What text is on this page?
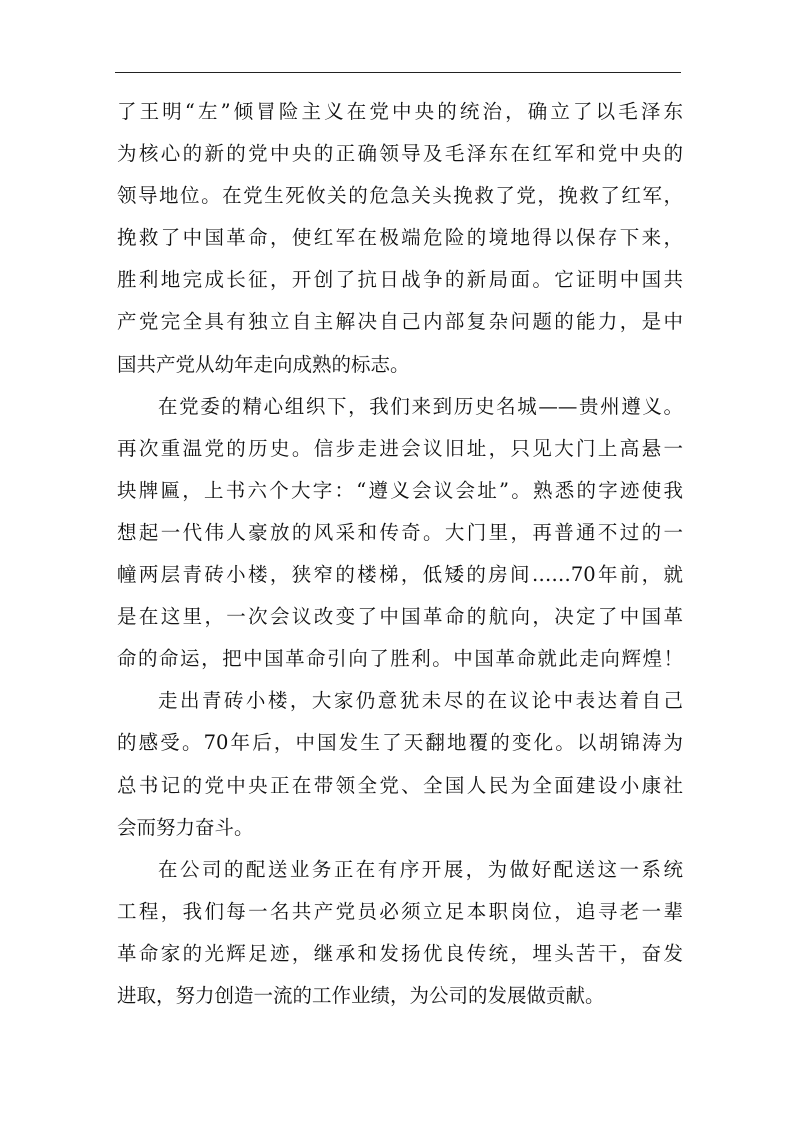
了王明“左”倾冒险主义在党中央的统治，确立了以毛泽东
为核心的新的党中央的正确领导及毛泽东在红军和党中央的
领导地位。在党生死攸关的危急关头挽救了党，挽救了红军，
挽救了中国革命，使红军在极端危险的境地得以保存下来，
胜利地完成长征，开创了抗日战争的新局面。它证明中国共
产党完全具有独立自主解决自己内部复杂问题的能力，是中
国共产党从幼年走向成熟的标志。
在党委的精心组织下，我们来到历史名城——贵州遵义。
再次重温党的历史。信步走进会议旧址，只见大门上高悬一
块牌匾，上书六个大字：“遵义会议会址”。熟悉的字迹使我
想起一代伟人豪放的风采和传奇。大门里，再普通不过的一
幢两层青砖小楼，狭窄的楼梯，低矮的房间……70年前，就
是在这里，一次会议改变了中国革命的航向，决定了中国革
命的命运，把中国革命引向了胜利。中国革命就此走向辉煌！
走出青砖小楼，大家仍意犹未尽的在议论中表达着自己
的感受。70年后，中国发生了天翻地覆的变化。以胡锦涛为
总书记的党中央正在带领全党、全国人民为全面建设小康社
会而努力奋斗。
在公司的配送业务正在有序开展，为做好配送这一系统
工程，我们每一名共产党员必须立足本职岗位，追寻老一辈
革命家的光辉足迹，继承和发扬优良传统，埋头苦干，奋发
进取，努力创造一流的工作业绩，为公司的发展做贡献。
